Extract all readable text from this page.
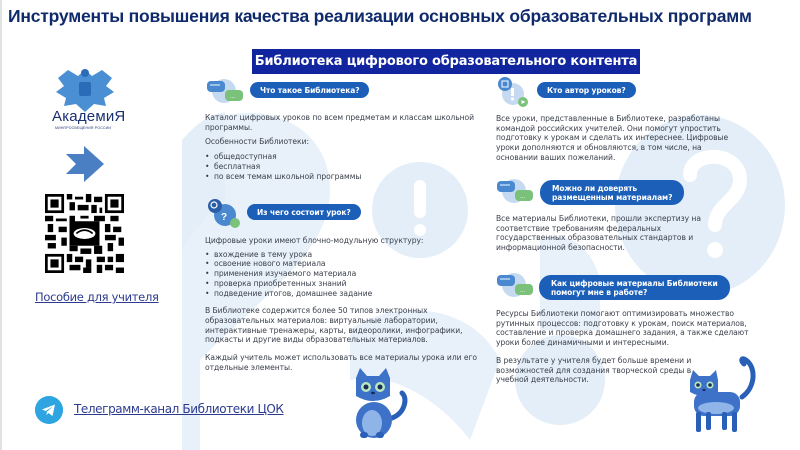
Инструменты повышения качества реализации основных образовательных программ
АкадемиЯ
МИНПРОСВЕЩЕНИЯ РОССИИ
Пособие для учителя
Телеграмм-канал Библиотеки ЦОК
Библиотека цифрового образовательного контента
...
Что такое Библиотека?

Каталог цифровых уроков по всем предметам и классам школьной программы.

Особенности Библиотеки:

• общедоступная
• бесплатная
• по всем темам школьной программы
?	Из чего состоит урок?

Цифровые уроки имеют блочно-модульную структуру:

• вхождение в тему урока
• освоение нового материала
• применения изучаемого материала
• проверка приобретенных знаний
• подведение итогов, домашнее задание

В Библиотеке содержится более 50 типов электронных образовательных материалов: виртуальные лаборатории, интерактивные тренажеры, карты, видеоролики, инфографики, подкасты и другие виды образовательных материалов.

Каждый учитель может использовать все материалы урока или его отдельные элементы.

Кто автор уроков?
Все уроки, представленные в Библиотеке, разработаны командой российских учителей. Они помогут упростить подготовку к урокам и сделать их интереснее. Цифровые уроки дополняются и обновляются, в том числе, на основании ваших пожеланий.
...
Можно ли доверять
размещенным материалам?
Все материалы Библиотеки, прошли экспертизу на соответствие требованиям федеральных государственных образовательных стандартов и информационной безопасности.
...
Как цифровые материалы Библиотеки
помогут мне в работе?

Ресурсы Библиотеки помогают оптимизировать множество рутинных процессов: подготовку к урокам, поиск материалов, составление и проверка домашнего задания, а также сделают уроки более динамичными и интересными.

В результате у учителя будет больше времени и возможностей для создания творческой среды в учебной деятельности.
